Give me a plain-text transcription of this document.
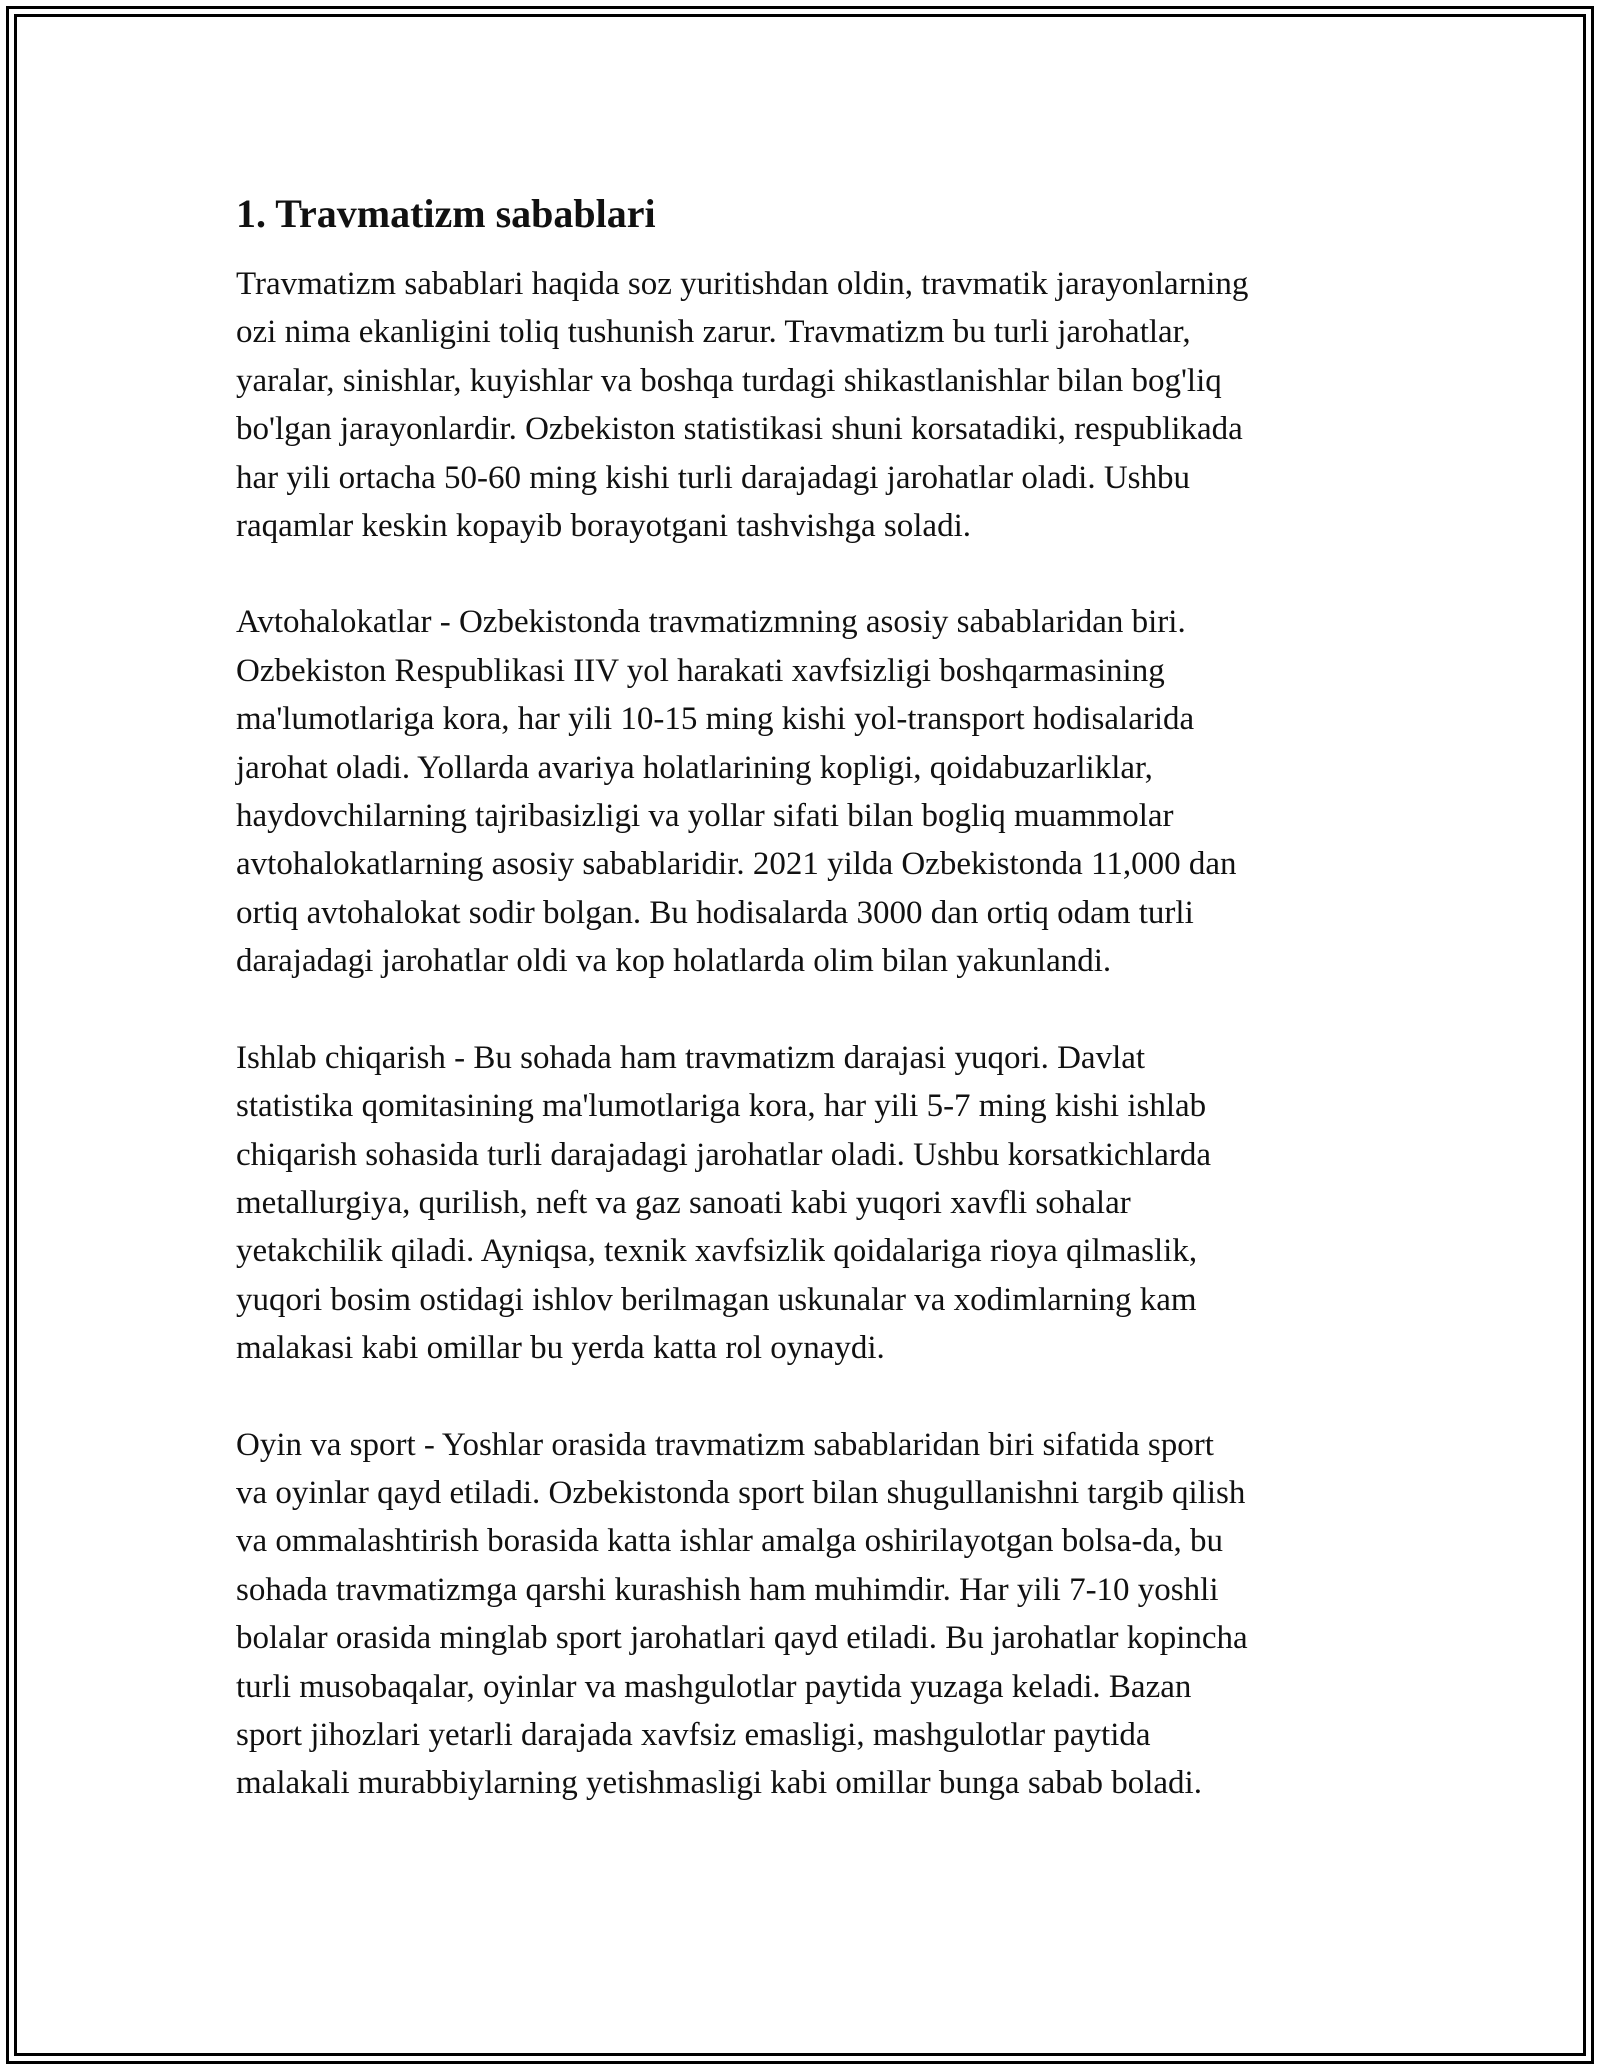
1. Travmatizm sabablari
Travmatizm sabablari haqida soz yuritishdan oldin, travmatik jarayonlarning
ozi nima ekanligini toliq tushunish zarur. Travmatizm bu turli jarohatlar,
yaralar, sinishlar, kuyishlar va boshqa turdagi shikastlanishlar bilan bog'liq
bo'lgan jarayonlardir. Ozbekiston statistikasi shuni korsatadiki, respublikada
har yili ortacha 50-60 ming kishi turli darajadagi jarohatlar oladi. Ushbu
raqamlar keskin kopayib borayotgani tashvishga soladi.
Avtohalokatlar - Ozbekistonda travmatizmning asosiy sabablaridan biri.
Ozbekiston Respublikasi IIV yol harakati xavfsizligi boshqarmasining
ma'lumotlariga kora, har yili 10-15 ming kishi yol-transport hodisalarida
jarohat oladi. Yollarda avariya holatlarining kopligi, qoidabuzarliklar,
haydovchilarning tajribasizligi va yollar sifati bilan bogliq muammolar
avtohalokatlarning asosiy sabablaridir. 2021 yilda Ozbekistonda 11,000 dan
ortiq avtohalokat sodir bolgan. Bu hodisalarda 3000 dan ortiq odam turli
darajadagi jarohatlar oldi va kop holatlarda olim bilan yakunlandi.
Ishlab chiqarish - Bu sohada ham travmatizm darajasi yuqori. Davlat
statistika qomitasining ma'lumotlariga kora, har yili 5-7 ming kishi ishlab
chiqarish sohasida turli darajadagi jarohatlar oladi. Ushbu korsatkichlarda
metallurgiya, qurilish, neft va gaz sanoati kabi yuqori xavfli sohalar
yetakchilik qiladi. Ayniqsa, texnik xavfsizlik qoidalariga rioya qilmaslik,
yuqori bosim ostidagi ishlov berilmagan uskunalar va xodimlarning kam
malakasi kabi omillar bu yerda katta rol oynaydi.
Oyin va sport - Yoshlar orasida travmatizm sabablaridan biri sifatida sport
va oyinlar qayd etiladi. Ozbekistonda sport bilan shugullanishni targib qilish
va ommalashtirish borasida katta ishlar amalga oshirilayotgan bolsa-da, bu
sohada travmatizmga qarshi kurashish ham muhimdir. Har yili 7-10 yoshli
bolalar orasida minglab sport jarohatlari qayd etiladi. Bu jarohatlar kopincha
turli musobaqalar, oyinlar va mashgulotlar paytida yuzaga keladi. Bazan
sport jihozlari yetarli darajada xavfsiz emasligi, mashgulotlar paytida
malakali murabbiylarning yetishmasligi kabi omillar bunga sabab boladi.
